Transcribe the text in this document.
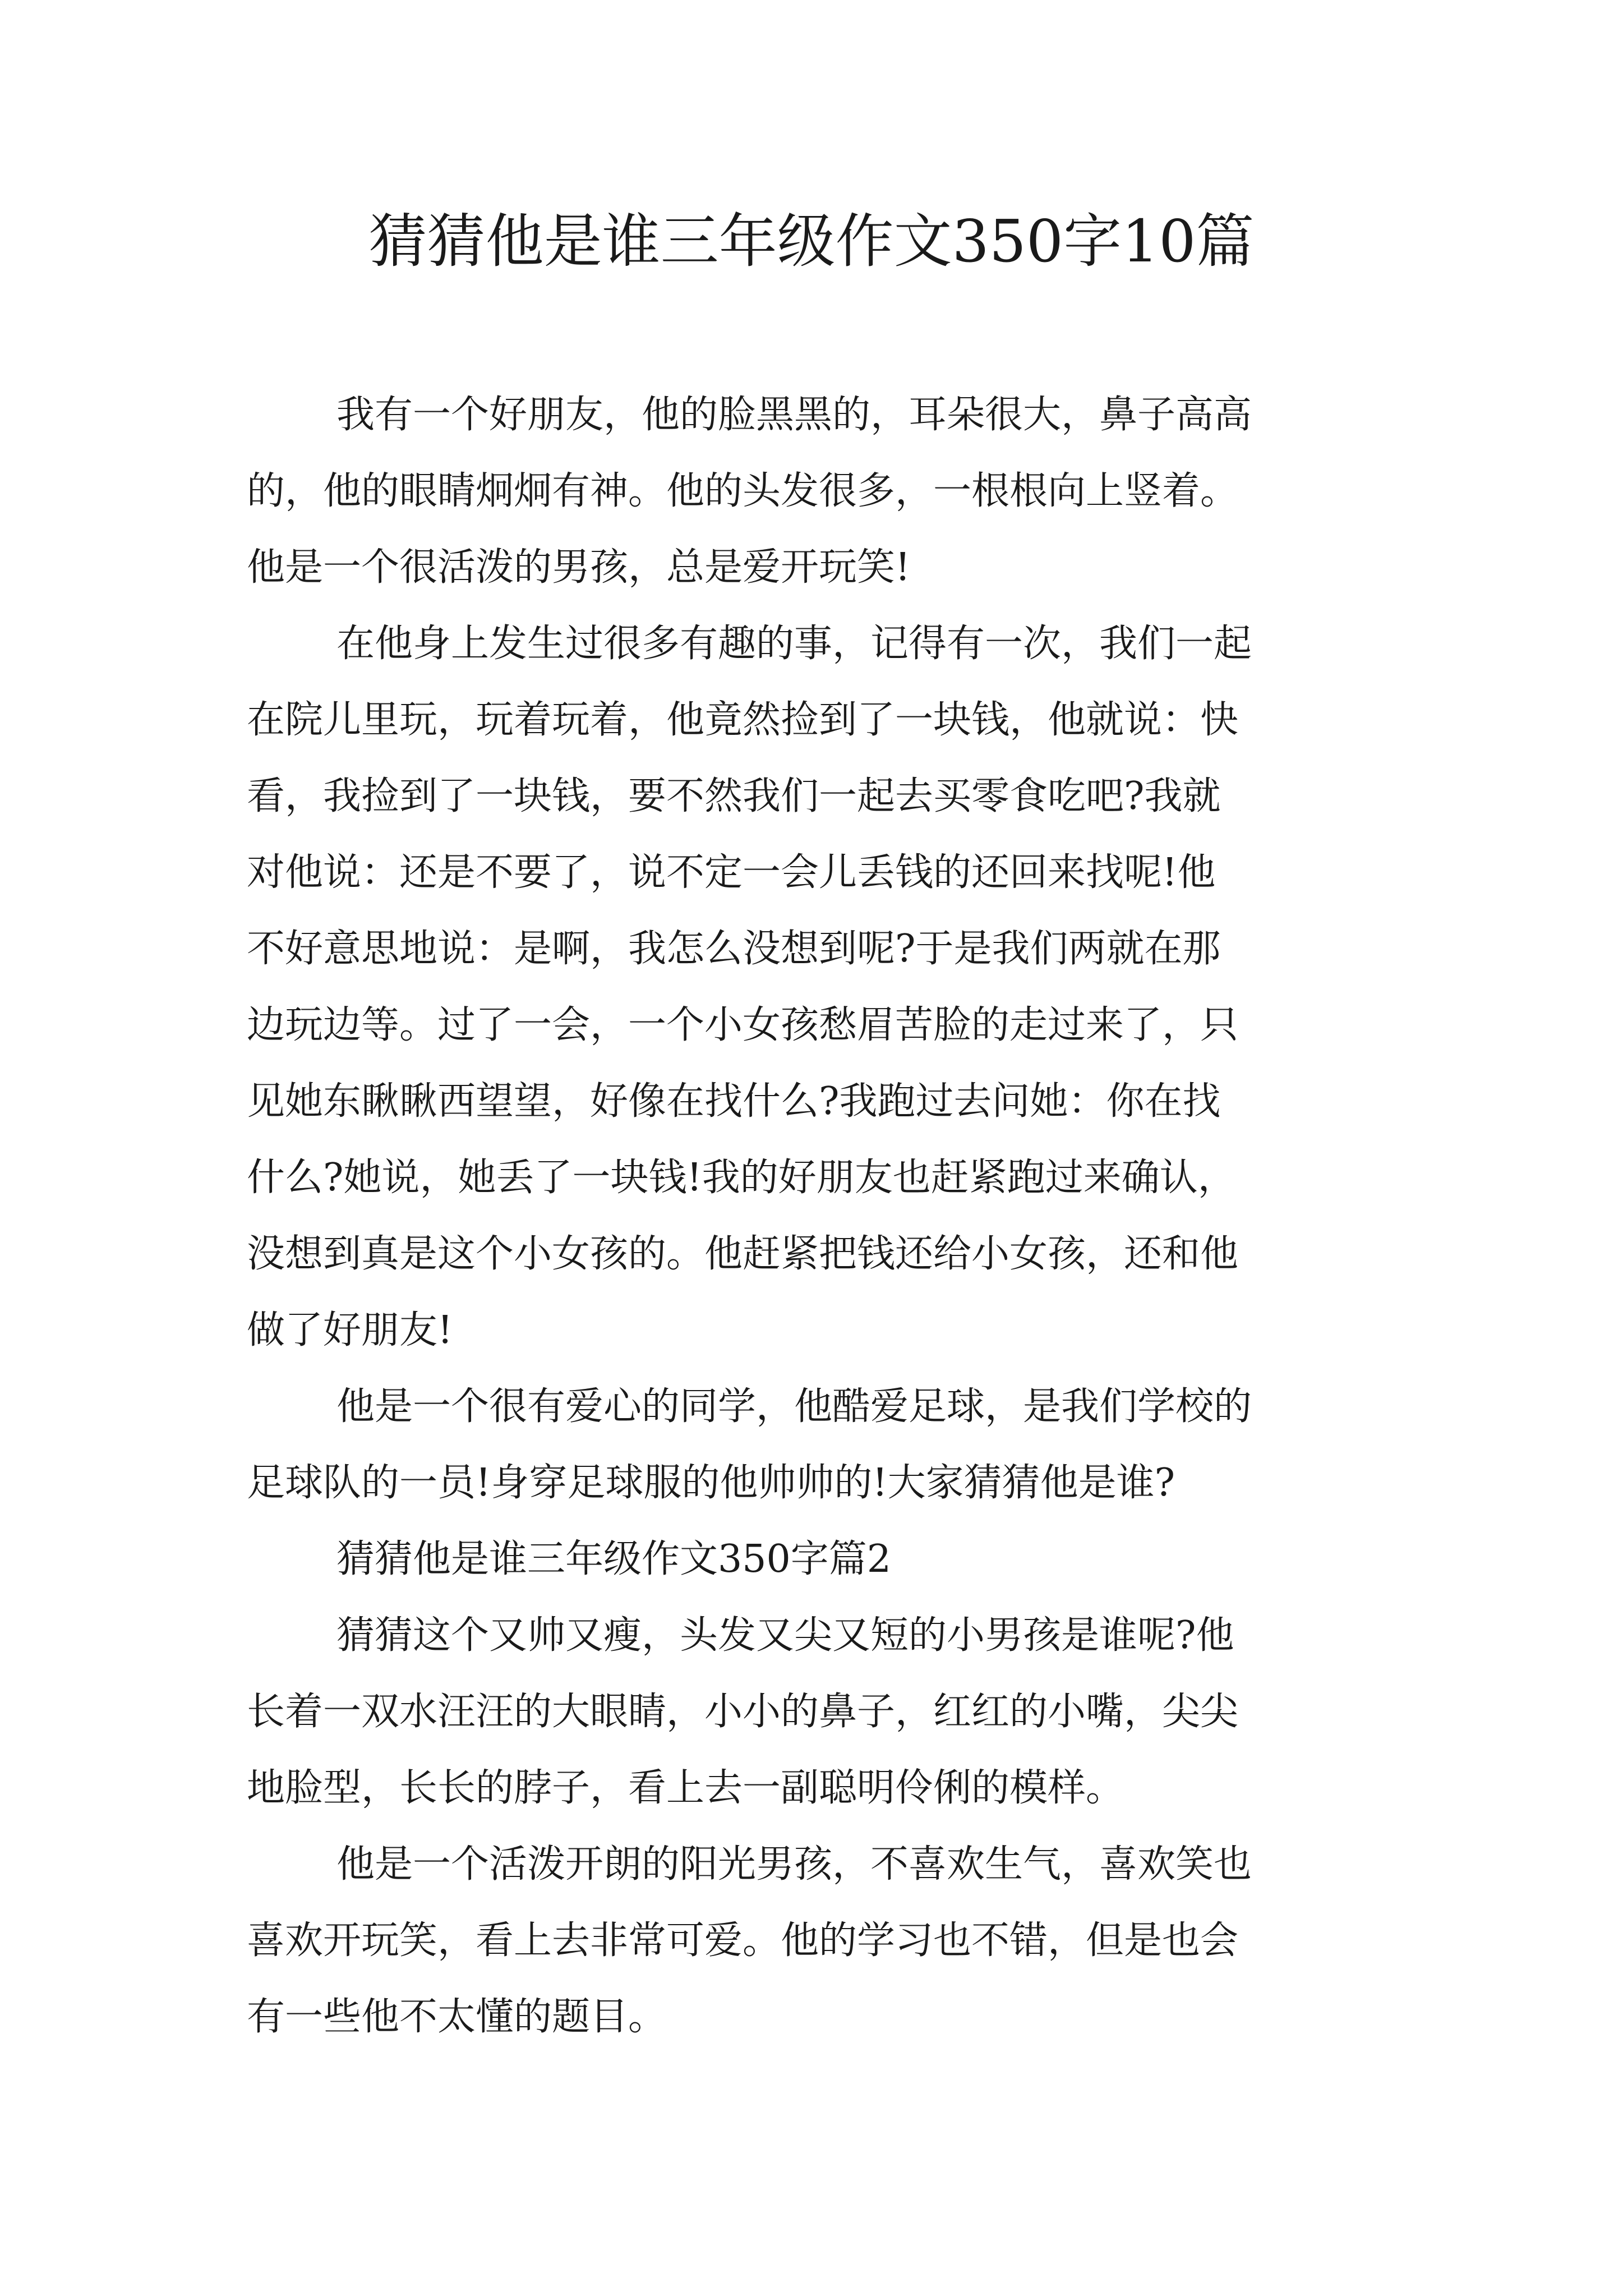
猜猜他是谁三年级作文350字10篇

我有一个好朋友，他的脸黑黑的，耳朵很大，鼻子高高
的，他的眼睛炯炯有神。他的头发很多，一根根向上竖着。
他是一个很活泼的男孩，总是爱开玩笑!

在他身上发生过很多有趣的事，记得有一次，我们一起
在院儿里玩，玩着玩着，他竟然捡到了一块钱，他就说：快
看，我捡到了一块钱，要不然我们一起去买零食吃吧?我就
对他说：还是不要了，说不定一会儿丢钱的还回来找呢!他
不好意思地说：是啊，我怎么没想到呢?于是我们两就在那
边玩边等。过了一会，一个小女孩愁眉苦脸的走过来了，只
见她东瞅瞅西望望，好像在找什么?我跑过去问她：你在找
什么?她说，她丢了一块钱!我的好朋友也赶紧跑过来确认，
没想到真是这个小女孩的。他赶紧把钱还给小女孩，还和他
做了好朋友!

他是一个很有爱心的同学，他酷爱足球，是我们学校的
足球队的一员!身穿足球服的他帅帅的!大家猜猜他是谁?

猜猜他是谁三年级作文350字篇2

猜猜这个又帅又瘦，头发又尖又短的小男孩是谁呢?他
长着一双水汪汪的大眼睛，小小的鼻子，红红的小嘴，尖尖
地脸型，长长的脖子，看上去一副聪明伶俐的模样。

他是一个活泼开朗的阳光男孩，不喜欢生气，喜欢笑也
喜欢开玩笑，看上去非常可爱。他的学习也不错，但是也会
有一些他不太懂的题目。
